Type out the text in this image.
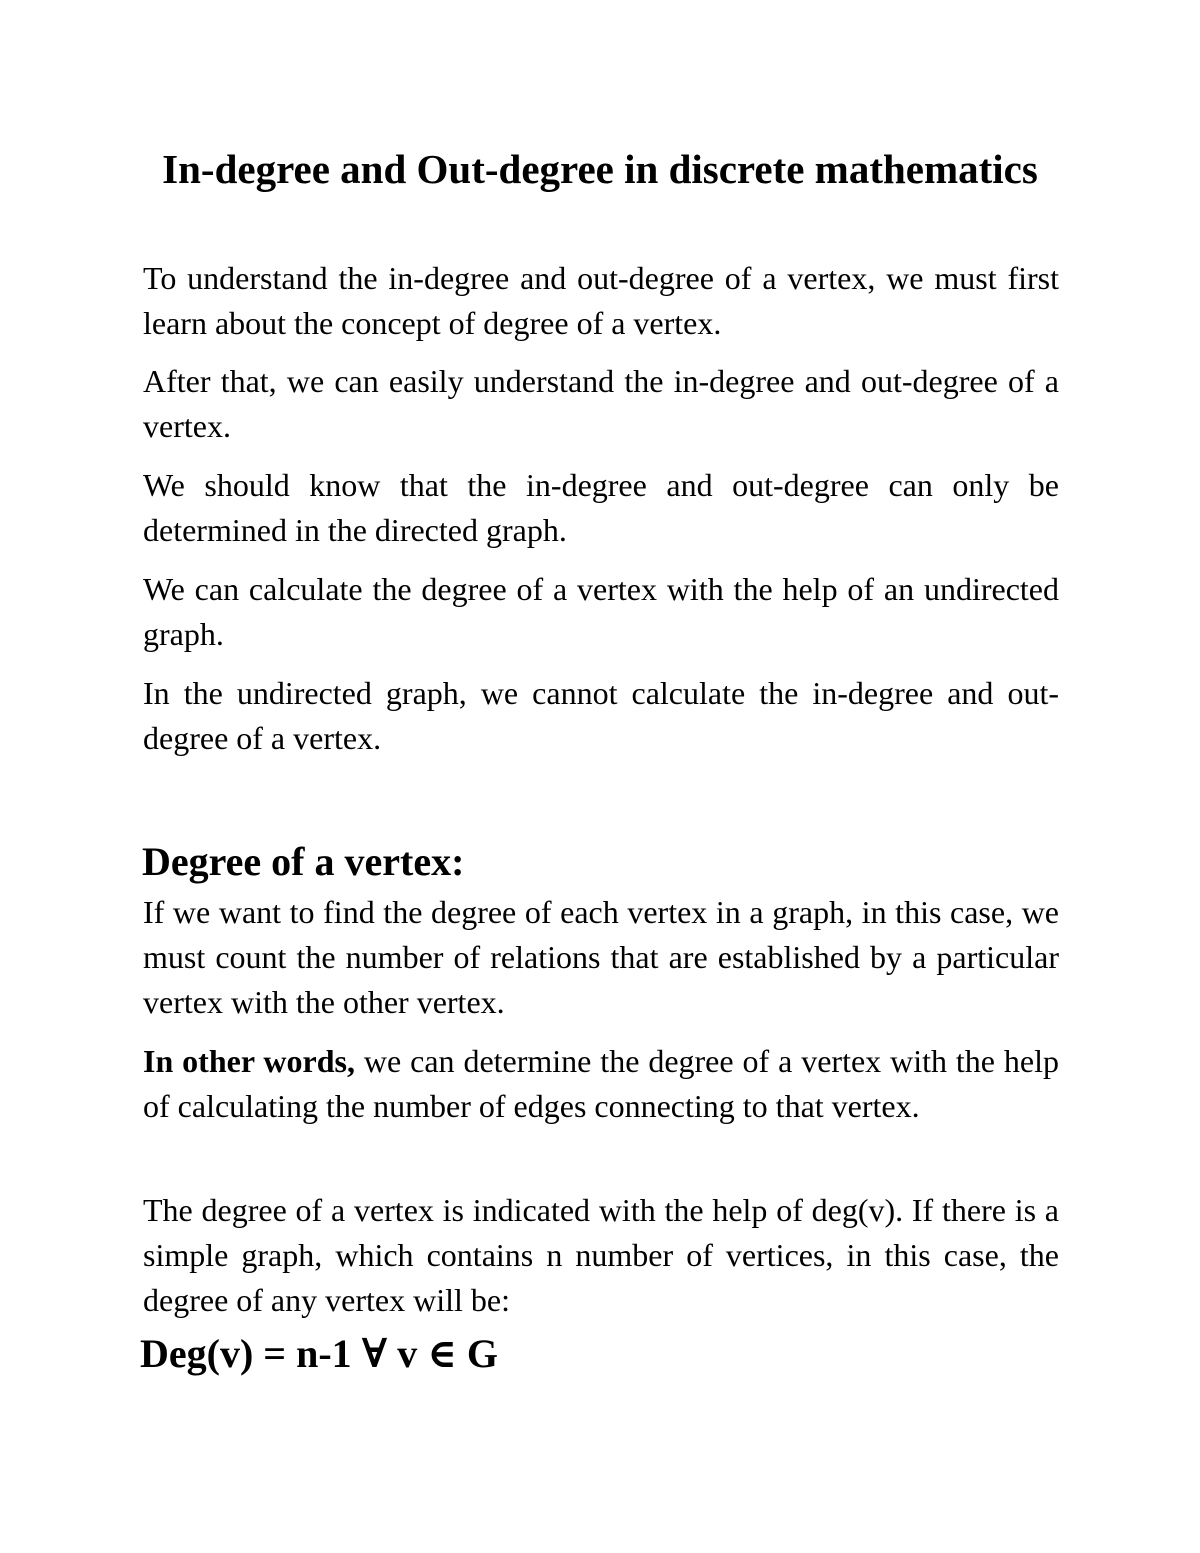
In-degree and Out-degree in discrete mathematics

To understand the in-degree and out-degree of a vertex, we must first learn about the concept of degree of a vertex.

After that, we can easily understand the in-degree and out-degree of a vertex.

We should know that the in-degree and out-degree can only be determined in the directed graph.

We can calculate the degree of a vertex with the help of an undirected graph.

In the undirected graph, we cannot calculate the in-degree and out-degree of a vertex.

Degree of a vertex:

If we want to find the degree of each vertex in a graph, in this case, we must count the number of relations that are established by a particular vertex with the other vertex.

In other words, we can determine the degree of a vertex with the help of calculating the number of edges connecting to that vertex.

The degree of a vertex is indicated with the help of deg(v). If there is a simple graph, which contains n number of vertices, in this case, the degree of any vertex will be:

Deg(v) = n-1 ∀ v ∈ G
